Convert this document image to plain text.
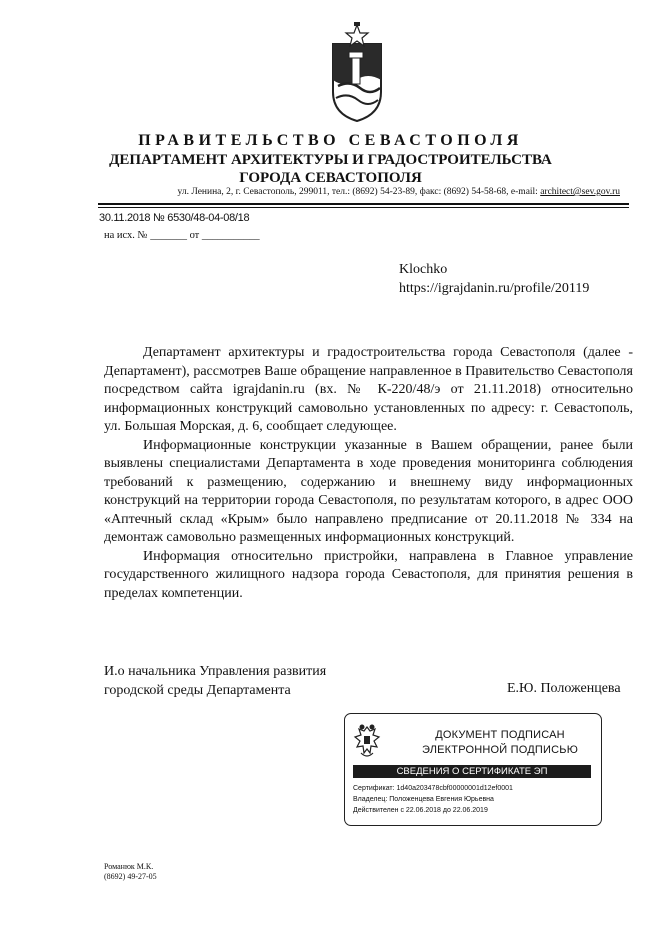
ПРАВИТЕЛЬСТВО СЕВАСТОПОЛЯ
ДЕПАРТАМЕНТ АРХИТЕКТУРЫ И ГРАДОСТРОИТЕЛЬСТВА
ГОРОДА СЕВАСТОПОЛЯ
ул. Ленина, 2, г. Севастополь, 299011, тел.: (8692) 54-23-89, факс: (8692) 54-58-68, e-mail: architect@sev.gov.ru
30.11.2018 № 6530/48-04-08/18
на исх. № _______ от ___________
Klochko
https://igrajdanin.ru/profile/20119

Департамент архитектуры и градостроительства города Севастополя (далее - Департамент), рассмотрев Ваше обращение направленное в Правительство Севастополя посредством сайта igrajdanin.ru (вх. № К-220/48/э от 21.11.2018) относительно информационных конструкций самовольно установленных по адресу: г. Севастополь, ул. Большая Морская, д. 6, сообщает следующее.

Информационные конструкции указанные в Вашем обращении, ранее были выявлены специалистами Департамента в ходе проведения мониторинга соблюдения требований к размещению, содержанию и внешнему виду информационных конструкций на территории города Севастополя, по результатам которого, в адрес ООО «Аптечный склад «Крым» было направлено предписание от 20.11.2018 № 334 на демонтаж самовольно размещенных информационных конструкций.

Информация относительно пристройки, направлена в Главное управление государственного жилищного надзора города Севастополя, для принятия решения в пределах компетенции.

И.о начальника Управления развития
городской среды Департамента	Е.Ю. Положенцева
ДОКУМЕНТ ПОДПИСАН
ЭЛЕКТРОННОЙ ПОДПИСЬЮ
СВЕДЕНИЯ О СЕРТИФИКАТЕ ЭП
Сертификат: 1d40a203478cbf00000001d12ef0001
Владелец: Положенцева Евгения Юрьевна
Действителен с 22.06.2018 до 22.06.2019
Романюк М.К.
(8692) 49-27-05
